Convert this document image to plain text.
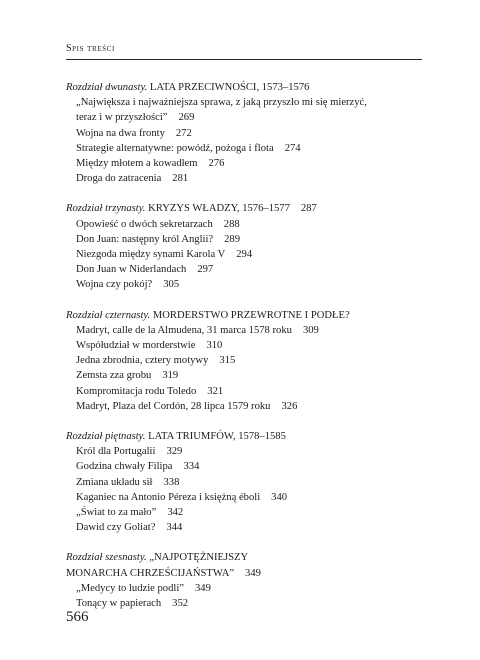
Spis treści
Rozdział dwunasty. LATA PRZECIWNOŚCI, 1573–1576
„Największa i najważniejsza sprawa, z jaką przyszło mi się mierzyć,
teraz i w przyszłości” 269
Wojna na dwa fronty 272
Strategie alternatywne: powódź, pożoga i flota 274
Między młotem a kowadłem 276
Droga do zatracenia 281
Rozdział trzynasty. KRYZYS WŁADZY, 1576–1577 287
Opowieść o dwóch sekretarzach 288
Don Juan: następny król Anglii? 289
Niezgoda między synami Karola V 294
Don Juan w Niderlandach 297
Wojna czy pokój? 305
Rozdział czternasty. MORDERSTWO PRZEWROTNE I PODŁE?
Madryt, calle de la Almudena, 31 marca 1578 roku 309
Współudział w morderstwie 310
Jedna zbrodnia, cztery motywy 315
Zemsta zza grobu 319
Kompromitacja rodu Toledo 321
Madryt, Plaza del Cordón, 28 lipca 1579 roku 326
Rozdział piętnasty. LATA TRIUMFÓW, 1578–1585
Król dla Portugalii 329
Godzina chwały Filipa 334
Zmiana układu sił 338
Kaganiec na Antonio Péreza i księżną éboli 340
„Świat to za mało” 342
Dawid czy Goliat? 344
Rozdział szesnasty. „NAJPOTĘŻNIEJSZY
MONARCHA CHRZEŚCIJAŃSTWA” 349
„Medycy to ludzie podli” 349
Tonący w papierach 352
566
